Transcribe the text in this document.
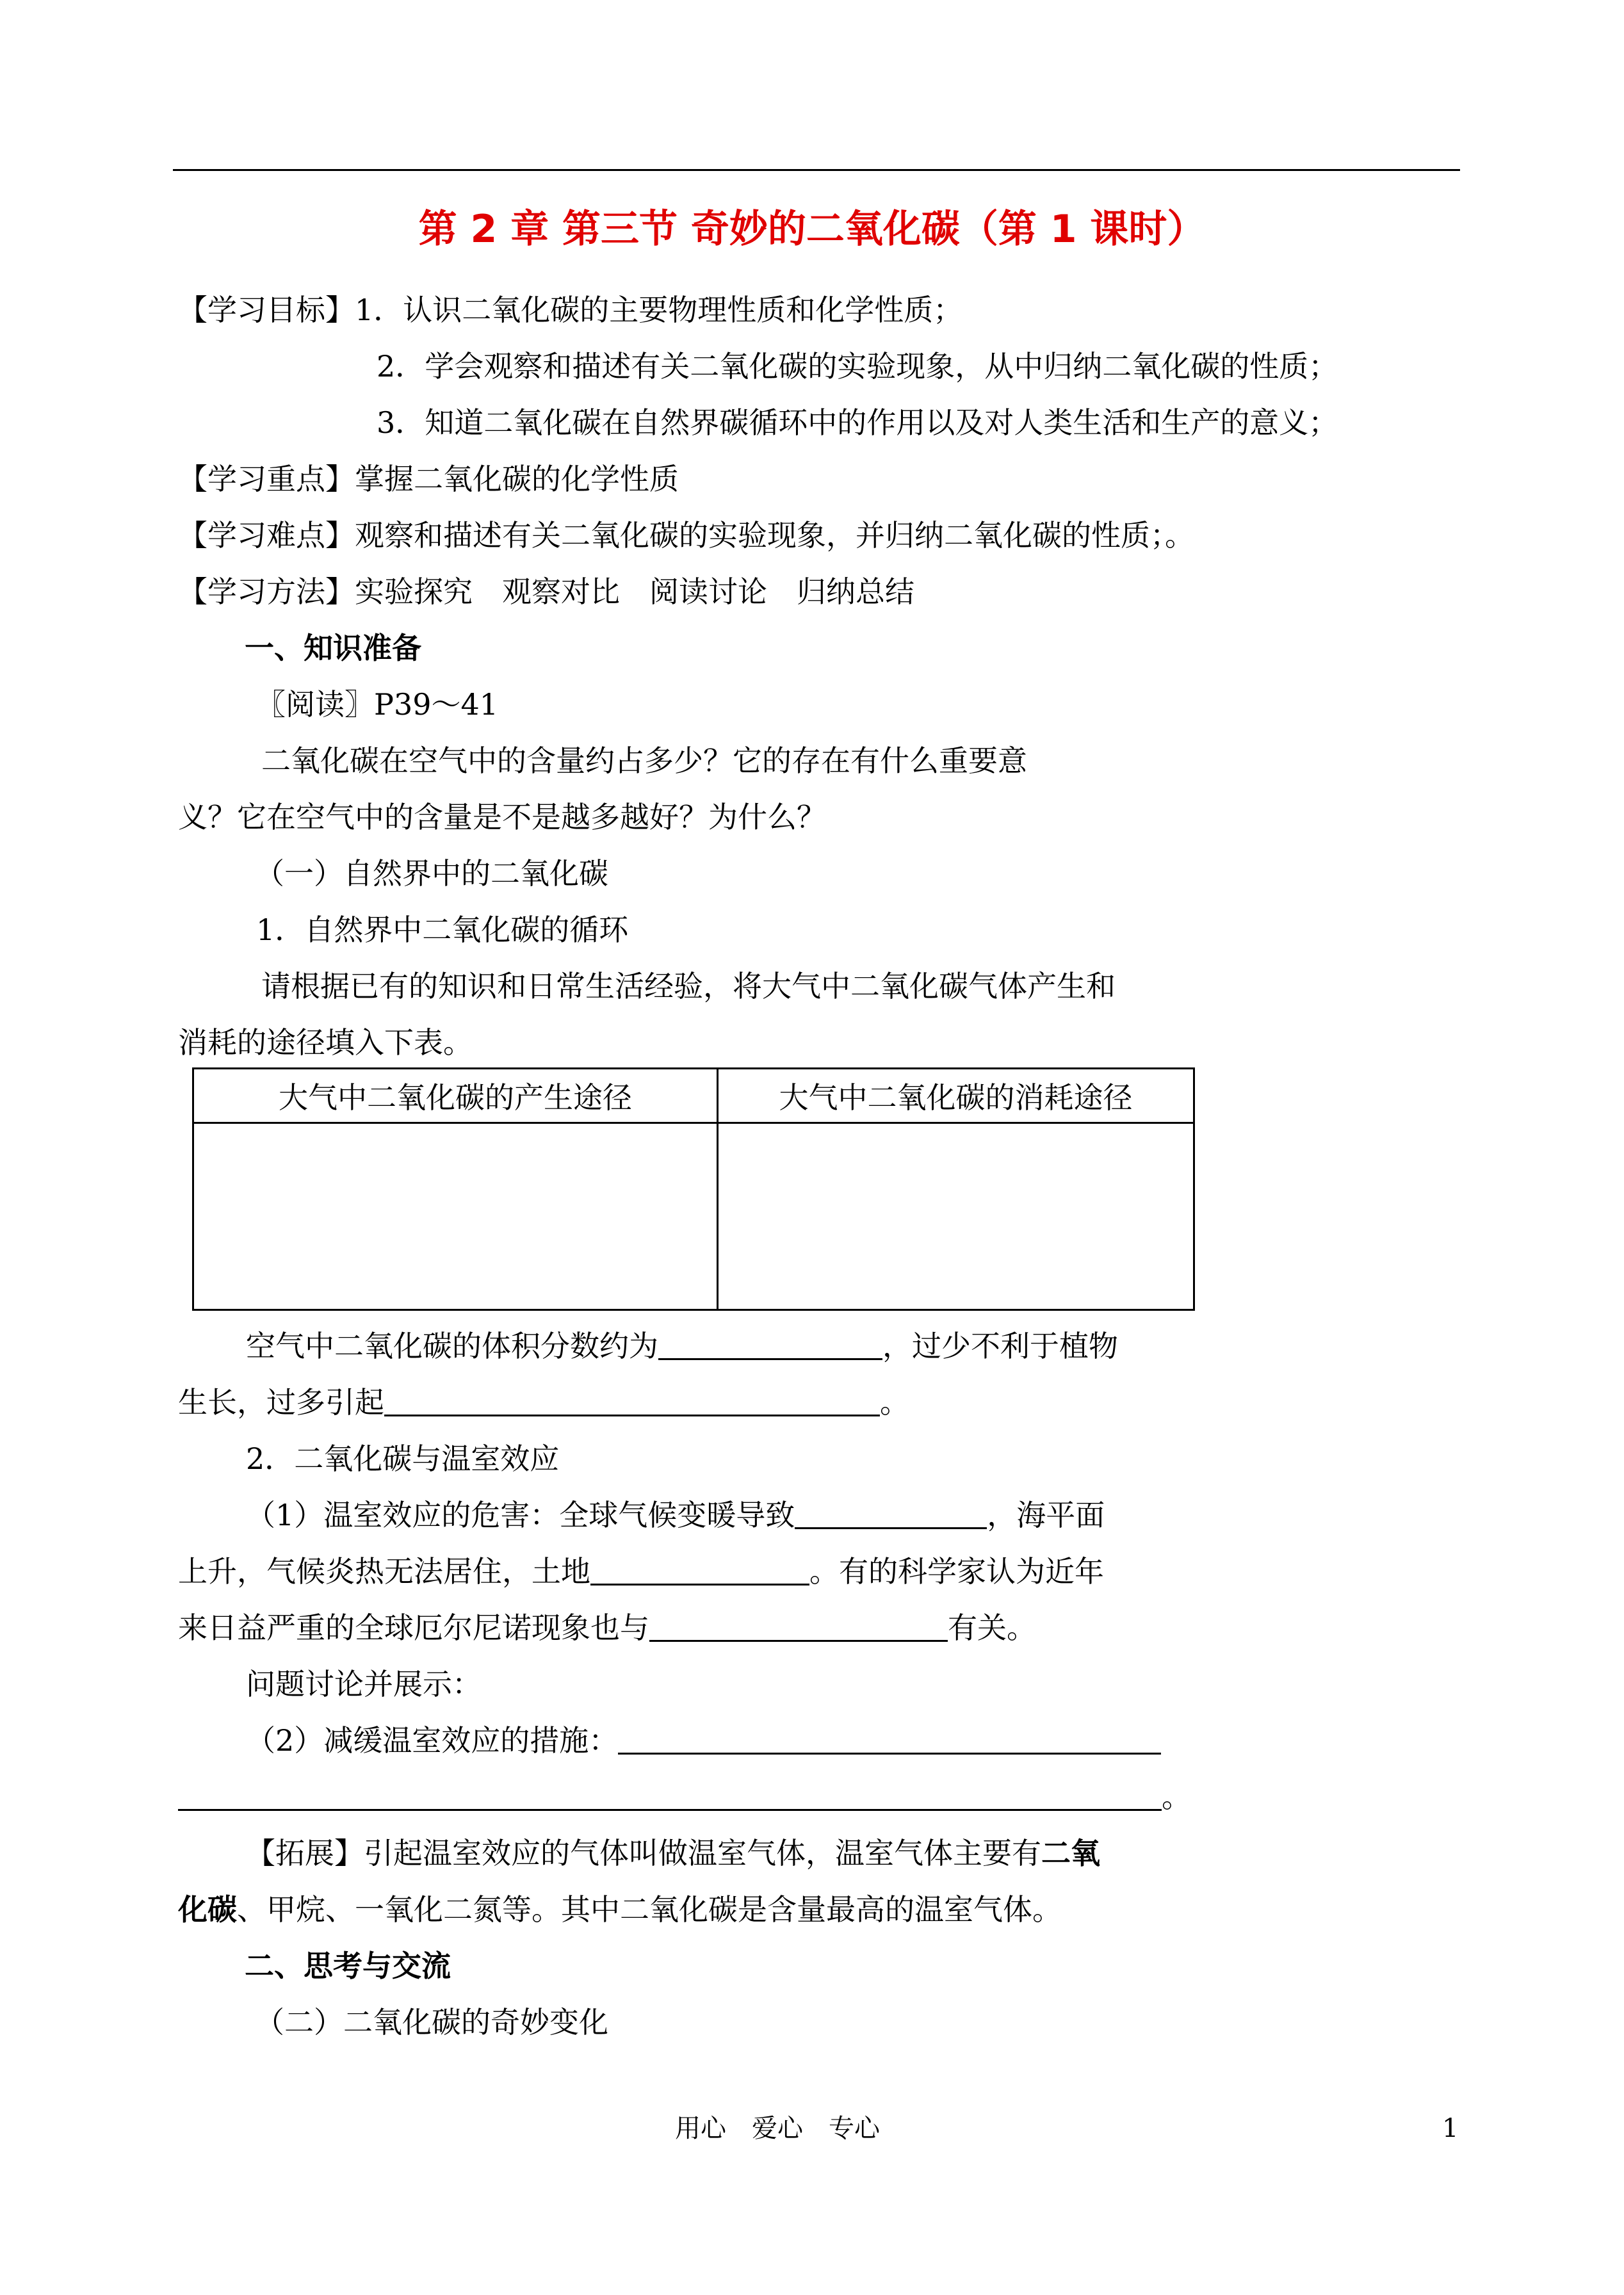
第 2 章 第三节 奇妙的二氧化碳（第 1 课时）
【学习目标】1．认识二氧化碳的主要物理性质和化学性质；
2．学会观察和描述有关二氧化碳的实验现象，从中归纳二氧化碳的性质；
3．知道二氧化碳在自然界碳循环中的作用以及对人类生活和生产的意义；
【学习重点】掌握二氧化碳的化学性质
【学习难点】观察和描述有关二氧化碳的实验现象，并归纳二氧化碳的性质；。
【学习方法】实验探究　观察对比　阅读讨论　归纳总结
一、知识准备
〖阅读〗P39～41
二氧化碳在空气中的含量约占多少？它的存在有什么重要意
义？它在空气中的含量是不是越多越好？为什么？
（一）自然界中的二氧化碳
1．自然界中二氧化碳的循环
请根据已有的知识和日常生活经验，将大气中二氧化碳气体产生和
消耗的途径填入下表。
大气中二氧化碳的产生途径	大气中二氧化碳的消耗途径

空气中二氧化碳的体积分数约为	，过少不利于植物
生长，过多引起	。
2．二氧化碳与温室效应
（1）温室效应的危害：全球气候变暖导致	，海平面
上升，气候炎热无法居住，土地	。有的科学家认为近年
来日益严重的全球厄尔尼诺现象也与	有关。
问题讨论并展示：
（2）减缓温室效应的措施：
。
【拓展】引起温室效应的气体叫做温室气体，温室气体主要有二氧
化碳、甲烷、一氧化二氮等。其中二氧化碳是含量最高的温室气体。
二、思考与交流
（二）二氧化碳的奇妙变化
用心　爱心　专心	1
